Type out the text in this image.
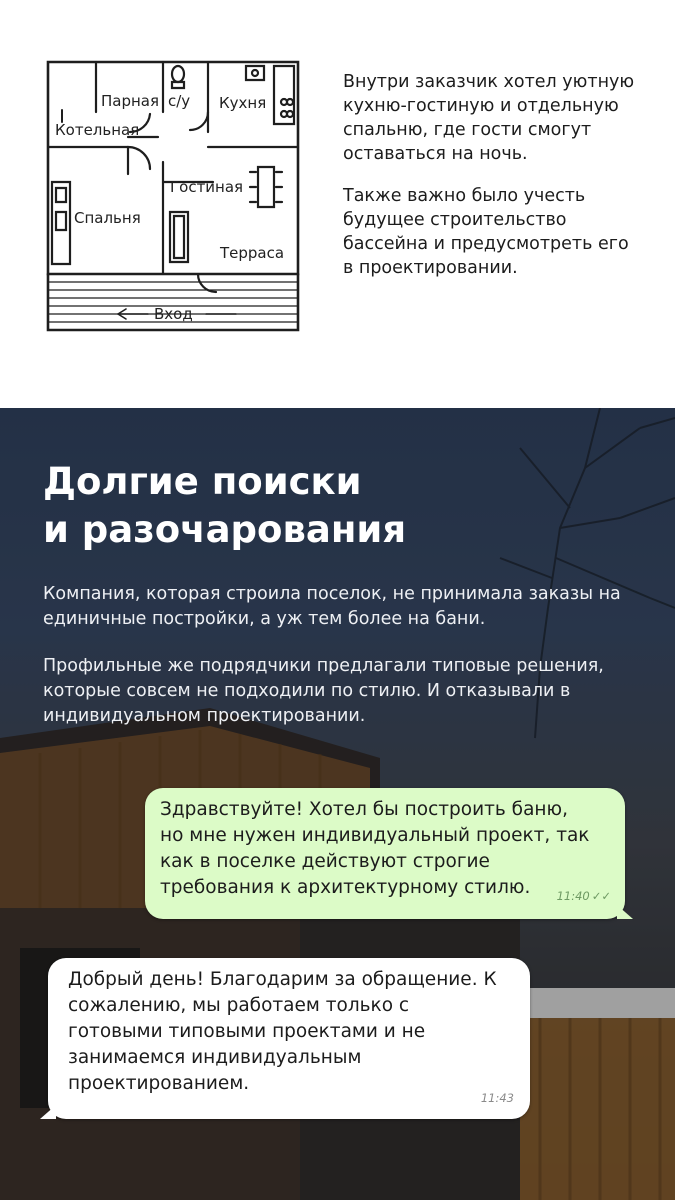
Парная с/у Кухня
Котельная
Гостиная
Спальня
Терраса
Вход

Внутри заказчик хотел уютную кухню-гостиную и отдельную спальню, где гости смогут оставаться на ночь.

Также важно было учесть будущее строительство бассейна и предусмотреть его в проектировании.

Долгие поиски
и разочарования

Компания, которая строила поселок, не принимала заказы на единичные постройки, а уж тем более на бани.

Профильные же подрядчики предлагали типовые решения, которые совсем не подходили по стилю. И отказывали в индивидуальном проектировании.

Здравствуйте! Хотел бы построить баню, но мне нужен индивидуальный проект, так как в поселке действуют строгие требования к архитектурному стилю. 11:40 ✓✓
Добрый день! Благодарим за обращение. К сожалению, мы работаем только с готовыми типовыми проектами и не занимаемся индивидуальным проектированием.
11:43
